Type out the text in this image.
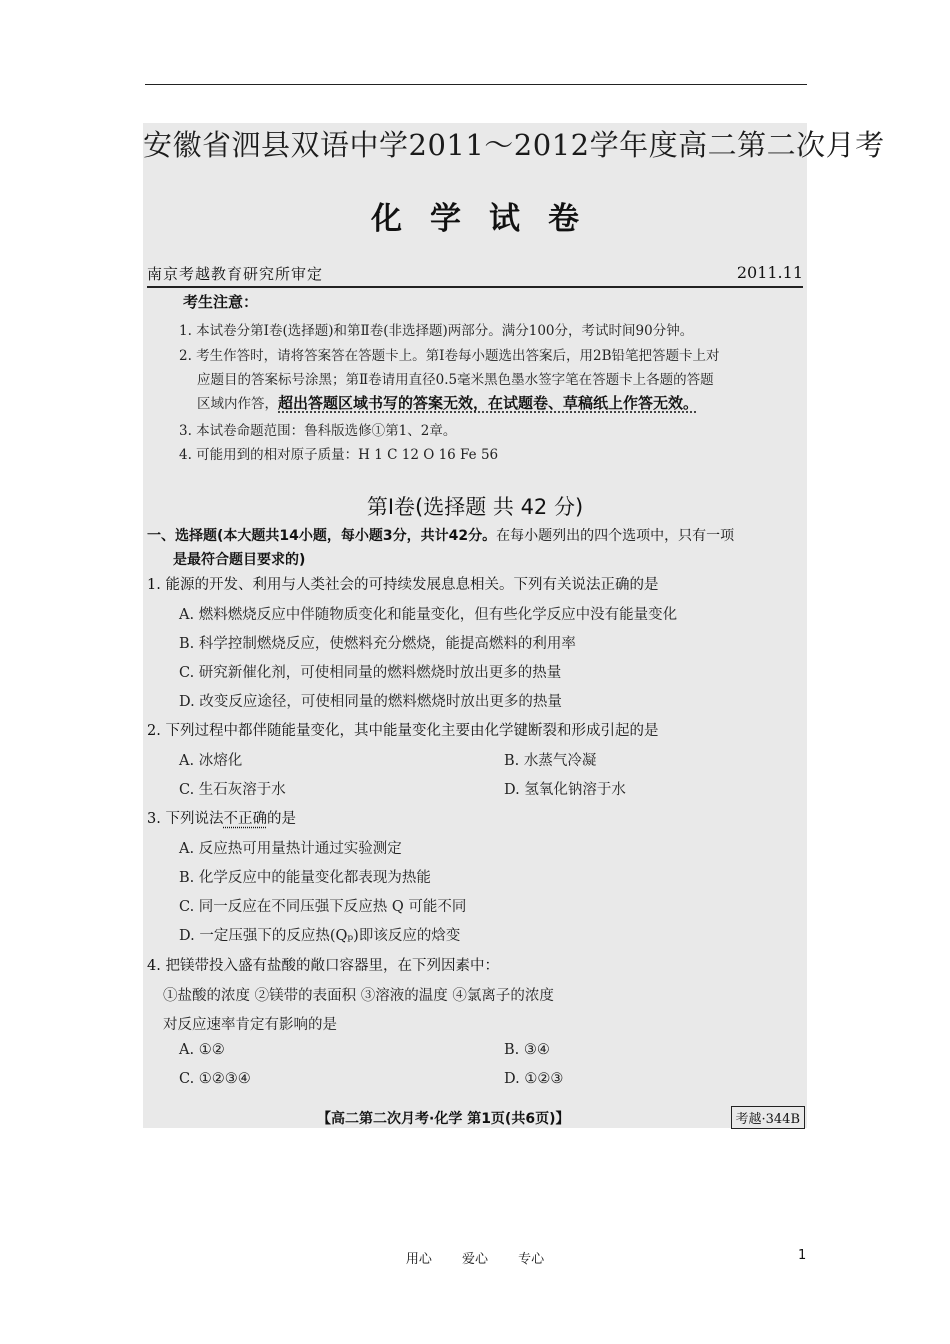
安徽省泗县双语中学2011～2012学年度高二第二次月考
化学试卷
南京考越教育研究所审定	2011.11
考生注意：
1. 本试卷分第Ⅰ卷(选择题)和第Ⅱ卷(非选择题)两部分。满分100分，考试时间90分钟。
2. 考生作答时，请将答案答在答题卡上。第Ⅰ卷每小题选出答案后，用2B铅笔把答题卡上对
应题目的答案标号涂黑；第Ⅱ卷请用直径0.5毫米黑色墨水签字笔在答题卡上各题的答题
区域内作答，超出答题区域书写的答案无效，在试题卷、草稿纸上作答无效。
3. 本试卷命题范围：鲁科版选修①第1、2章。
4. 可能用到的相对原子质量：H 1 C 12 O 16 Fe 56
第Ⅰ卷(选择题 共 42 分)
一、选择题(本大题共14小题，每小题3分，共计42分。在每小题列出的四个选项中，只有一项
是最符合题目要求的)
1. 能源的开发、利用与人类社会的可持续发展息息相关。下列有关说法正确的是
A. 燃料燃烧反应中伴随物质变化和能量变化，但有些化学反应中没有能量变化
B. 科学控制燃烧反应，使燃料充分燃烧，能提高燃料的利用率
C. 研究新催化剂，可使相同量的燃料燃烧时放出更多的热量
D. 改变反应途径，可使相同量的燃料燃烧时放出更多的热量
2. 下列过程中都伴随能量变化，其中能量变化主要由化学键断裂和形成引起的是
A. 冰熔化	B. 水蒸气冷凝
C. 生石灰溶于水	D. 氢氧化钠溶于水
3. 下列说法不正确的是
A. 反应热可用量热计通过实验测定
B. 化学反应中的能量变化都表现为热能
C. 同一反应在不同压强下反应热 Q 可能不同
D. 一定压强下的反应热(Qₚ)即该反应的焓变
4. 把镁带投入盛有盐酸的敞口容器里，在下列因素中：
①盐酸的浓度 ②镁带的表面积 ③溶液的温度 ④氯离子的浓度
对反应速率肯定有影响的是
A. ①②	B. ③④
C. ①②③④	D. ①②③
【高二第二次月考·化学 第1页(共6页)】	考越·344B
用心 爱心 专心	1
